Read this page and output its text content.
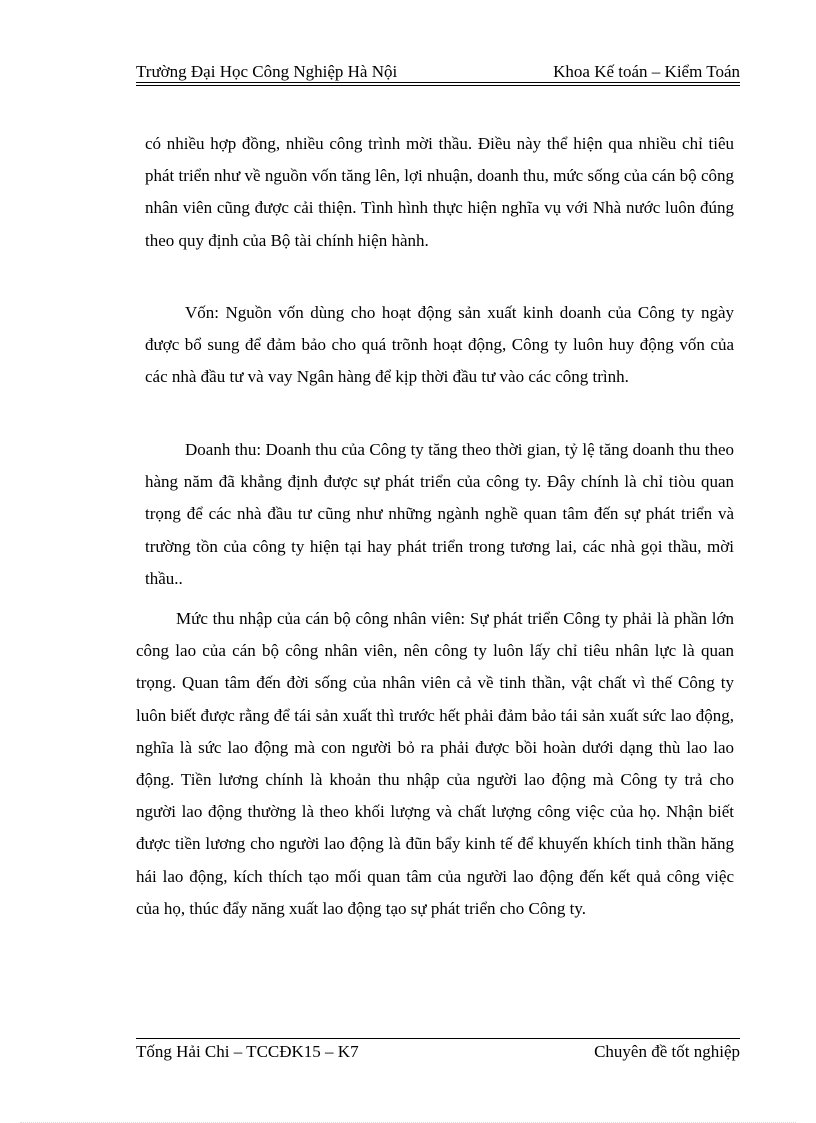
Trường Đại Học Công Nghiệp Hà Nội	Khoa Kế toán – Kiểm Toán

có nhiều hợp đồng, nhiều công trình mời thầu. Điều này thể hiện qua nhiều chỉ tiêu phát triển như về nguồn vốn tăng lên, lợi nhuận, doanh thu, mức sống của cán bộ công nhân viên cũng được cải thiện. Tình hình thực hiện nghĩa vụ với Nhà nước luôn đúng theo quy định của Bộ tài chính hiện hành.

Vốn: Nguồn vốn dùng cho hoạt động sản xuất kinh doanh của Công ty ngày được bổ sung để đảm bảo cho quá trõnh hoạt động, Công ty luôn huy động vốn của các nhà đầu tư và vay Ngân hàng để kịp thời đầu tư vào các công trình.

Doanh thu: Doanh thu của Công ty tăng theo thời gian, tỷ lệ tăng doanh thu theo hàng năm đã khẳng định được sự phát triển của công ty. Đây chính là chỉ tiòu quan trọng để các nhà đầu tư cũng như những ngành nghề quan tâm đến sự phát triển và trường tồn của công ty hiện tại hay phát triển trong tương lai, các nhà gọi thầu, mời thầu..

Mức thu nhập của cán bộ công nhân viên: Sự phát triển Công ty phải là phần lớn công lao của cán bộ công nhân viên, nên công ty luôn lấy chỉ tiêu nhân lực là quan trọng. Quan tâm đến đời sống của nhân viên cả về tinh thần, vật chất vì thế Công ty luôn biết được rằng để tái sản xuất thì trước hết phải đảm bảo tái sản xuất sức lao động, nghĩa là sức lao động mà con người bỏ ra phải được bồi hoàn dưới dạng thù lao lao động. Tiền lương chính là khoản thu nhập của người lao động mà Công ty trả cho người lao động thường là theo khối lượng và chất lượng công việc của họ. Nhận biết được tiền lương cho người lao động là đũn bẩy kinh tế để khuyến khích tinh thần hăng hái lao động, kích thích tạo mối quan tâm của người lao động đến kết quả công việc của họ, thúc đẩy năng xuất lao động tạo sự phát triển cho Công ty.

Tống Hải Chi – TCCĐK15 – K7	Chuyên đề tốt nghiệp
